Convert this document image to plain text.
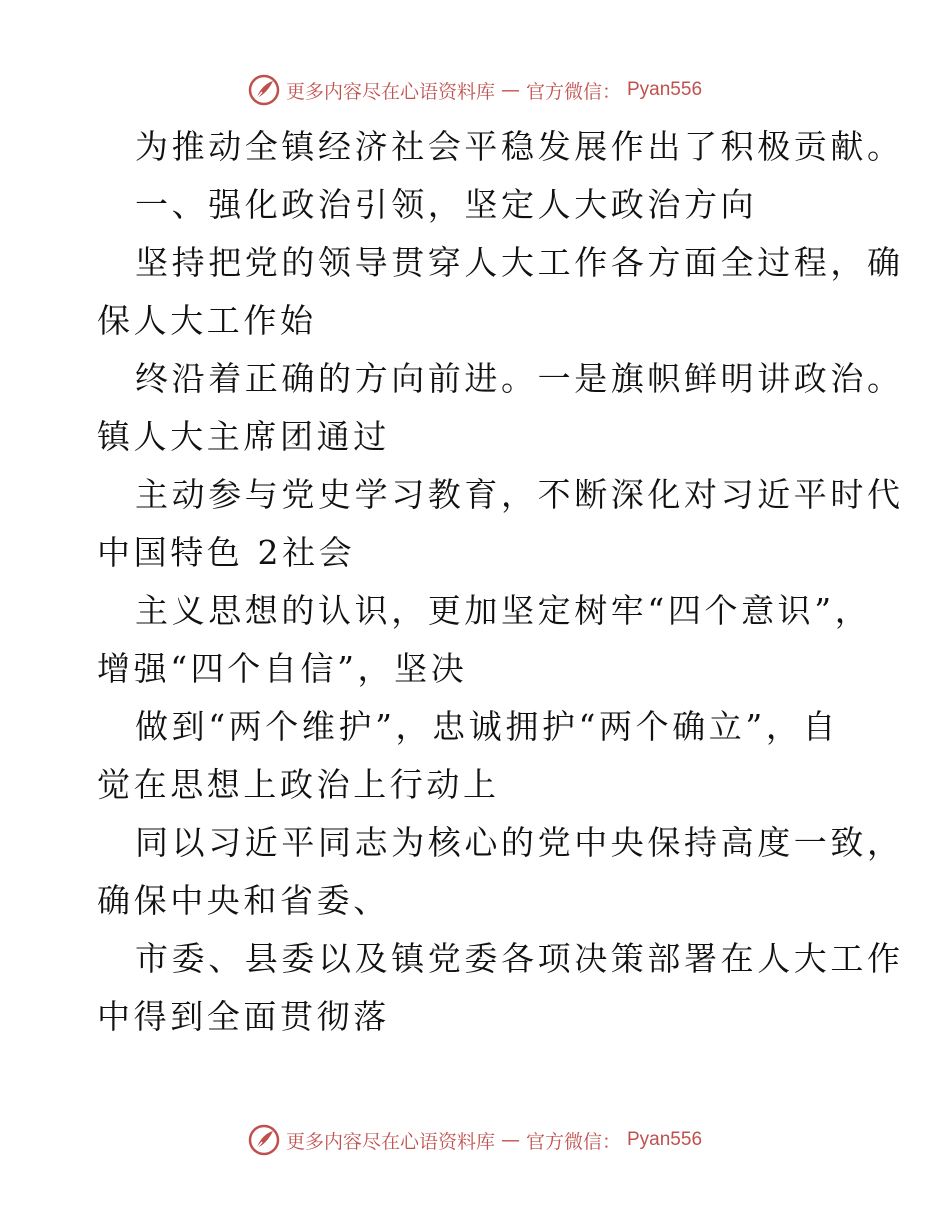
更多内容尽在心语资料库 — 官方微信： Pyan556
为推动全镇经济社会平稳发展作出了积极贡献。
一、强化政治引领，坚定人大政治方向
坚持把党的领导贯穿人大工作各方面全过程，确
保人大工作始
终沿着正确的方向前进。一是旗帜鲜明讲政治。
镇人大主席团通过
主动参与党史学习教育，不断深化对习近平时代
中国特色 2社会
主义思想的认识，更加坚定树牢“四个意识”，
增强“四个自信”，坚决
做到“两个维护”，忠诚拥护“两个确立”，自
觉在思想上政治上行动上
同以习近平同志为核心的党中央保持高度一致，
确保中央和省委、
市委、县委以及镇党委各项决策部署在人大工作
中得到全面贯彻落
更多内容尽在心语资料库 — 官方微信： Pyan556
